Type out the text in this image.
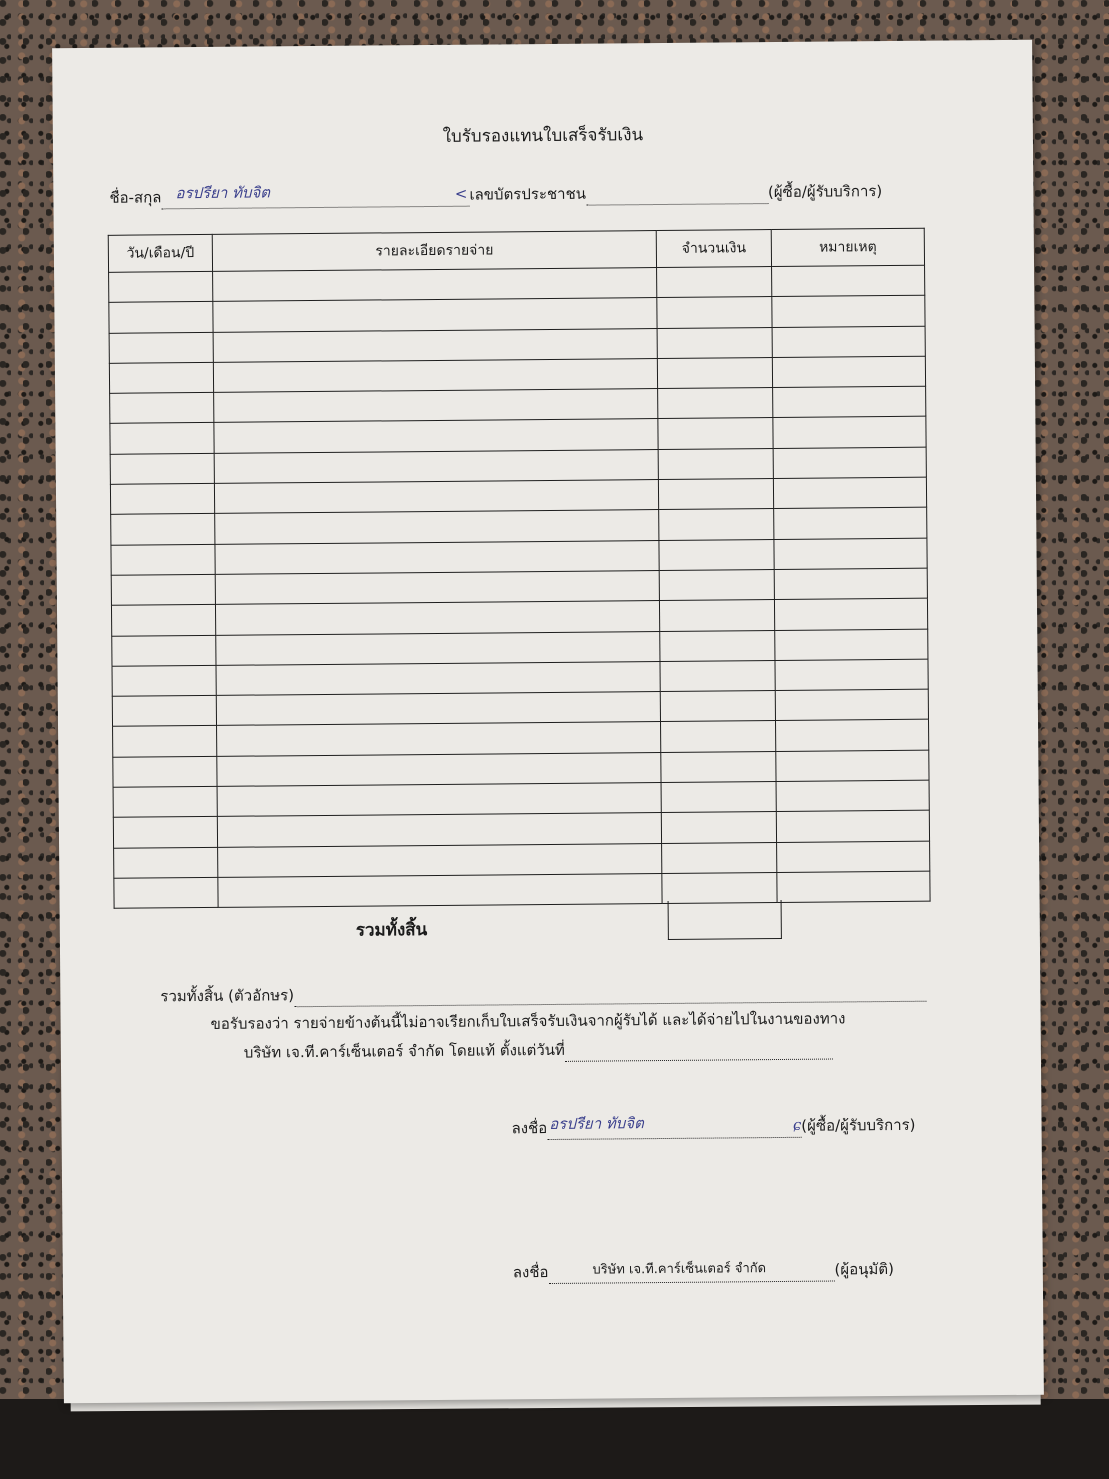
ใบรับรองแทนใบเสร็จรับเงิน
ชื่อ-สกุล อรปรียา ทับจิต	< เลขบัตรประชาชน	(ผู้ซื้อ/ผู้รับบริการ)
วัน/เดือน/ปี	รายละเอียดรายจ่าย	จำนวนเงิน	หมายเหตุ

รวมทั้งสิ้น
รวมทั้งสิ้น (ตัวอักษร)
ขอรับรองว่า รายจ่ายข้างต้นนี้ไม่อาจเรียกเก็บใบเสร็จรับเงินจากผู้รับได้ และได้จ่ายไปในงานของทาง
บริษัท เจ.ที.คาร์เซ็นเตอร์ จำกัด โดยแท้ ตั้งแต่วันที่
ลงชื่อ อรปรียา ทับจิต	ɕ (ผู้ซื้อ/ผู้รับบริการ)
ลงชื่อ	บริษัท เจ.ที.คาร์เซ็นเตอร์ จำกัด	(ผู้อนุมัติ)
